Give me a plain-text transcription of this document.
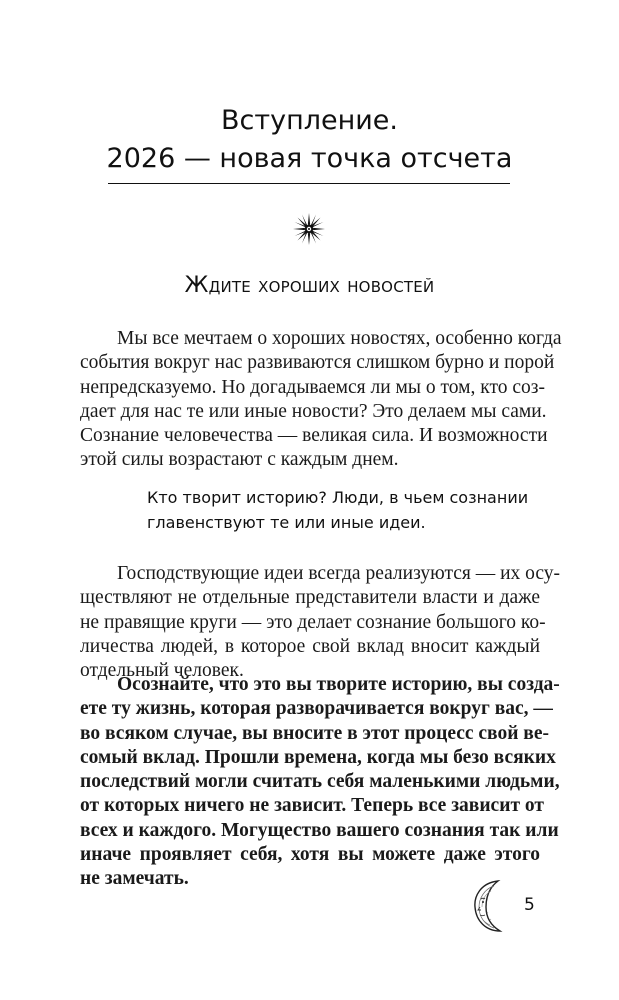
Вступление.
2026 — новая точка отсчета
Ждите хороших новостей
Мы все мечтаем о хороших новостях, особенно когда
события вокруг нас развиваются слишком бурно и порой
непредсказуемо. Но догадываемся ли мы о том, кто соз-
дает для нас те или иные новости? Это делаем мы сами.
Сознание человечества — великая сила. И возможности
этой силы возрастают с каждым днем.
Кто творит историю? Люди, в чьем сознании
главенствуют те или иные идеи.
Господствующие идеи всегда реализуются — их осу-
ществляют не отдельные представители власти и даже
не правящие круги — это делает сознание большого ко-
личества людей, в которое свой вклад вносит каждый
отдельный человек.
Осознайте, что это вы творите историю, вы созда-
ете ту жизнь, которая разворачивается вокруг вас, —
во всяком случае, вы вносите в этот процесс свой ве-
сомый вклад. Прошли времена, когда мы безо всяких
последствий могли считать себя маленькими людьми,
от которых ничего не зависит. Теперь все зависит от
всех и каждого. Могущество вашего сознания так или
иначе проявляет себя, хотя вы можете даже этого
не замечать.
5
